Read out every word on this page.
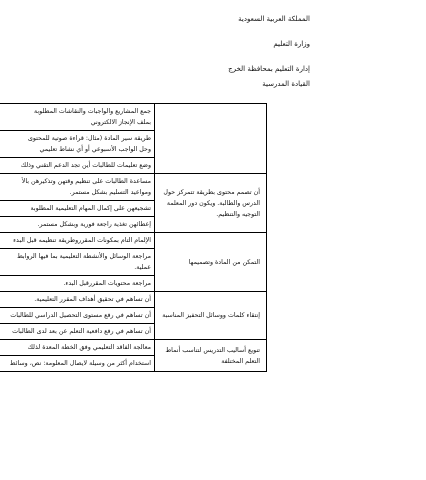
المملكة العربية السعودية
وزارة التعليم
إدارة التعليم بمحافظة الخرج
القيادة المدرسية
جمع المشاريع والواجبات والنقاشات المطلوبة
بملف الإنجاز الالكتروني
طريقة سير المادة (مثال: قراءة صوتية للمحتوى
وحل الواجب الأسبوعي أو أي نشاط تعليمي
وضع تعليمات للطالبات أين تجد الدعم التقني وذلك
أن تصمم محتوى بطريقة تتمركز حول الدرس والطالبة. ويكون دور المعلمة التوجيه والتنظيم.
مساعدة الطالبات على تنظيم وقتهن وتذكيرهن بالأ
ومواعيد التسليم بشكل مستمر.
تشجيعهن على إكمال المهام التعليمية المطلوبة
إعطائهن تغذية راجعة فورية وبشكل مستمر.
التمكن من المادة وتصميمها
الإلمام التام بمكونات المقرروطريقة تنظيمه قبل البدء
مراجعة الوسائل والأنشطة التعليمية بما فيها الروابط
عملية.
مراجعة محتويات المقررقبل البدء.
إنتقاء كلمات ووسائل التحفيز المناسبة
أن تساهم في تحقيق أهداف المقرر التعليمية.
أن تساهم في رفع مستوى التحصيل الدراسي للطالبات
أن تساهم في رفع دافعية التعلم عن بعد لدى الطالبات
تنويع أساليب التدريس لتناسب أنماط التعلم المختلفة
معالجة الفاقد التعليمي وفق الخطة المعدة لذلك
استخدام أكثر من وسيلة لايصال المعلومة: نص، وسائط
